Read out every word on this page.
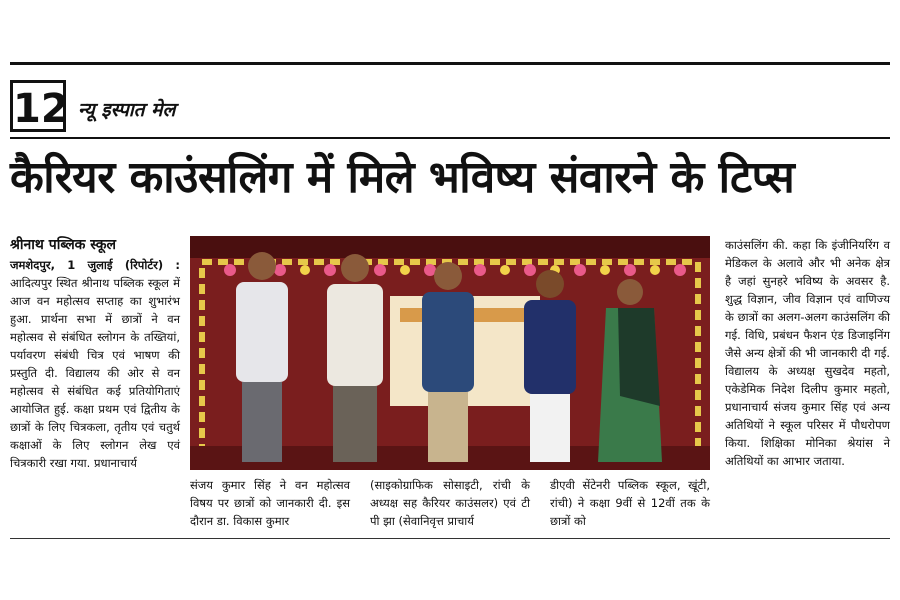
12 न्यू इस्पात मेल
कैरियर काउंसलिंग में मिले भविष्य संवारने के टिप्स
श्रीनाथ पब्लिक स्कूल
जमशेदपुर, 1 जुलाई (रिपोर्टर) : आदित्यपुर स्थित श्रीनाथ पब्लिक स्कूल में आज वन महोत्सव सप्ताह का शुभारंभ हुआ. प्रार्थना सभा में छात्रों ने वन महोत्सव से संबंधित स्लोगन के तख्तियां, पर्यावरण संबंधी चित्र एवं भाषण की प्रस्तुति दी. विद्यालय की ओर से वन महोत्सव से संबंधित कई प्रतियोगिताएं आयोजित हुई. कक्षा प्रथम एवं द्वितीय के छात्रों के लिए चित्रकला, तृतीय एवं चतुर्थ कक्षाओं के लिए स्लोगन लेख एवं चित्रकारी रखा गया. प्रधानाचार्य
संजय कुमार सिंह ने वन महोत्सव विषय पर छात्रों को जानकारी दी. इस दौरान डा. विकास कुमार
(साइकोग्राफिक सोसाइटी, रांची के अध्यक्ष सह कैरियर काउंसलर) एवं टी पी झा (सेवानिवृत्त प्राचार्य
डीएवी सेंटेनरी पब्लिक स्कूल, खूंटी, रांची) ने कक्षा 9वीं से 12वीं तक के छात्रों को
काउंसलिंग की. कहा कि इंजीनियरिंग व मेडिकल के अलावे और भी अनेक क्षेत्र है जहां सुनहरे भविष्य के अवसर है. शुद्ध विज्ञान, जीव विज्ञान एवं वाणिज्य के छात्रों का अलग-अलग काउंसलिंग की गई. विधि, प्रबंधन फैशन एंड डिजाइनिंग जैसे अन्य क्षेत्रों की भी जानकारी दी गई. विद्यालय के अध्यक्ष सुखदेव महतो, एकेडेमिक निदेश दिलीप कुमार महतो, प्रधानाचार्य संजय कुमार सिंह एवं अन्य अतिथियों ने स्कूल परिसर में पौधरोपण किया. शिक्षिका मोनिका श्रेयांस ने अतिथियों का आभार जताया.
